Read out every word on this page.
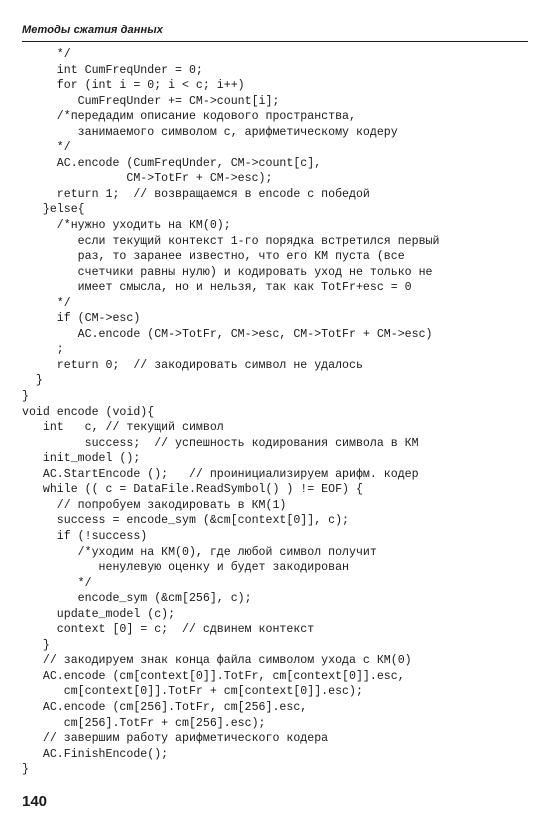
Методы сжатия данных
*/
int CumFreqUnder = 0;
for (int i = 0; i < c; i++)
CumFreqUnder += CM->count[i];
/*передадим описание кодового пространства,
занимаемого символом c, арифметическому кодеру
*/
AC.encode (CumFreqUnder, CM->count[c],
CM->TotFr + CM->esc);
return 1;  // возвращаемся в encode с победой
}else{
/*нужно уходить на КМ(0);
если текущий контекст 1-го порядка встретился первый
раз, то заранее известно, что его КМ пуста (все
счетчики равны нулю) и кодировать уход не только не
имеет смысла, но и нельзя, так как TotFr+esc = 0
*/
if (CM->esc)
AC.encode (CM->TotFr, CM->esc, CM->TotFr + CM->esc)
;
return 0;  // закодировать символ не удалось
}
}
void encode (void){
int   c, // текущий символ
success;  // успешность кодирования символа в КМ
init_model ();
AC.StartEncode ();   // проинициализируем арифм. кодер
while (( c = DataFile.ReadSymbol() ) != EOF) {
// попробуем закодировать в КМ(1)
success = encode_sym (&cm[context[0]], c);
if (!success)
/*уходим на КМ(0), где любой символ получит
ненулевую оценку и будет закодирован
*/
encode_sym (&cm[256], c);
update_model (c);
context [0] = c;  // сдвинем контекст
}
// закодируем знак конца файла символом ухода с КМ(0)
AC.encode (cm[context[0]].TotFr, cm[context[0]].esc,
cm[context[0]].TotFr + cm[context[0]].esc);
AC.encode (cm[256].TotFr, cm[256].esc,
cm[256].TotFr + cm[256].esc);
// завершим работу арифметического кодера
AC.FinishEncode();
}
140
